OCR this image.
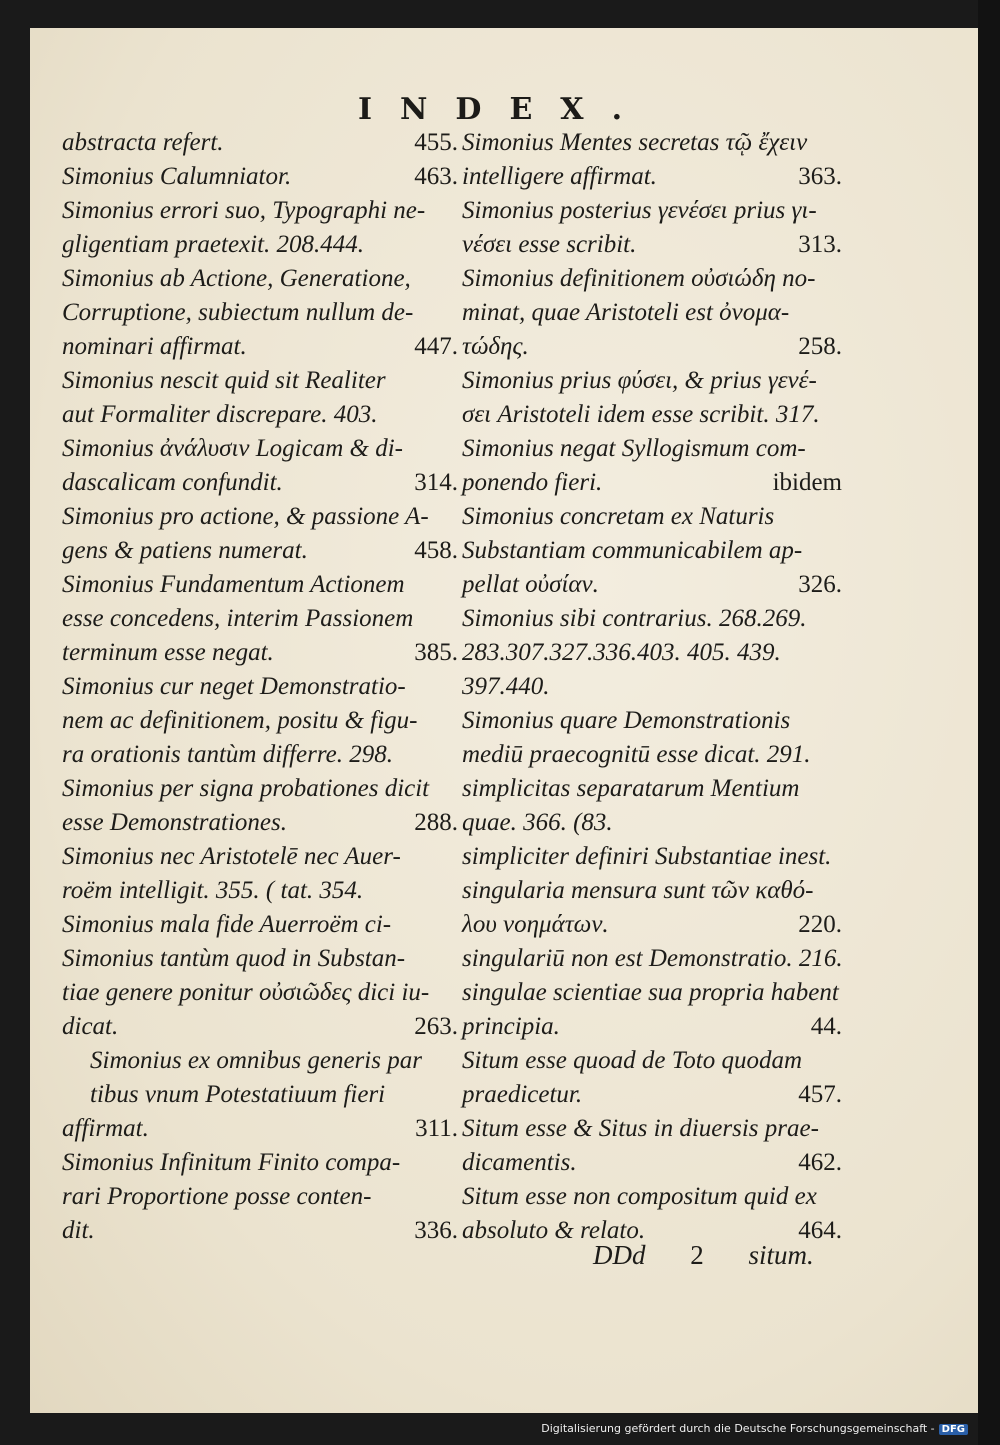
INDEX.
abstracta refert.	455.
Simonius Calumniator.	463.
Simonius errori suo, Typographi ne-
gligentiam praetexit. 208.444.
Simonius ab Actione, Generatione,
Corruptione, subiectum nullum de-
nominari affirmat.	447.
Simonius nescit quid sit Realiter
aut Formaliter discrepare. 403.
Simonius ἀνάλυσιν Logicam & di-
dascalicam confundit.	314.
Simonius pro actione, & passione A-
gens & patiens numerat.	458.
Simonius Fundamentum Actionem
esse concedens, interim Passionem
terminum esse negat.	385.
Simonius cur neget Demonstratio-
nem ac definitionem, positu & figu-
ra orationis tantùm differre. 298.
Simonius per signa probationes dicit
esse Demonstrationes.	288.
Simonius nec Aristotelē nec Auer-
roëm intelligit. 355. ( tat. 354.
Simonius mala fide Auerroëm ci-
Simonius tantùm quod in Substan-
tiae genere ponitur οὐσιῶδες dici iu-
dicat.	263.
Simonius ex omnibus generis par
tibus vnum Potestatiuum fieri
affirmat.	311.
Simonius Infinitum Finito compa-
rari Proportione posse conten-
dit.	336.
Simonius Mentes secretas τῷ ἔχειν
intelligere affirmat.	363.
Simonius posterius γενέσει prius γι-
νέσει esse scribit.	313.
Simonius definitionem οὐσιώδη no-
minat, quae Aristoteli est ὀνομα-
τώδης.	258.
Simonius prius φύσει, & prius γενέ-
σει Aristoteli idem esse scribit. 317.
Simonius negat Syllogismum com-
ponendo fieri.	ibidem
Simonius concretam ex Naturis
Substantiam communicabilem ap-
pellat οὐσίαν.	326.
Simonius sibi contrarius. 268.269.
283.307.327.336.403. 405. 439.
397.440.
Simonius quare Demonstrationis
mediū praecognitū esse dicat. 291.
simplicitas separatarum Mentium
quae. 366. (83.
simpliciter definiri Substantiae inest.
singularia mensura sunt τῶν καθό-
λου νοημάτων.	220.
singulariū non est Demonstratio. 216.
singulae scientiae sua propria habent
principia.	44.
Situm esse quoad de Toto quodam
praedicetur.	457.
Situm esse & Situs in diuersis prae-
dicamentis.	462.
Situm esse non compositum quid ex
absoluto & relato.	464.
DDd 2 situm.
Digitalisierung gefördert durch die Deutsche Forschungsgemeinschaft - DFG
